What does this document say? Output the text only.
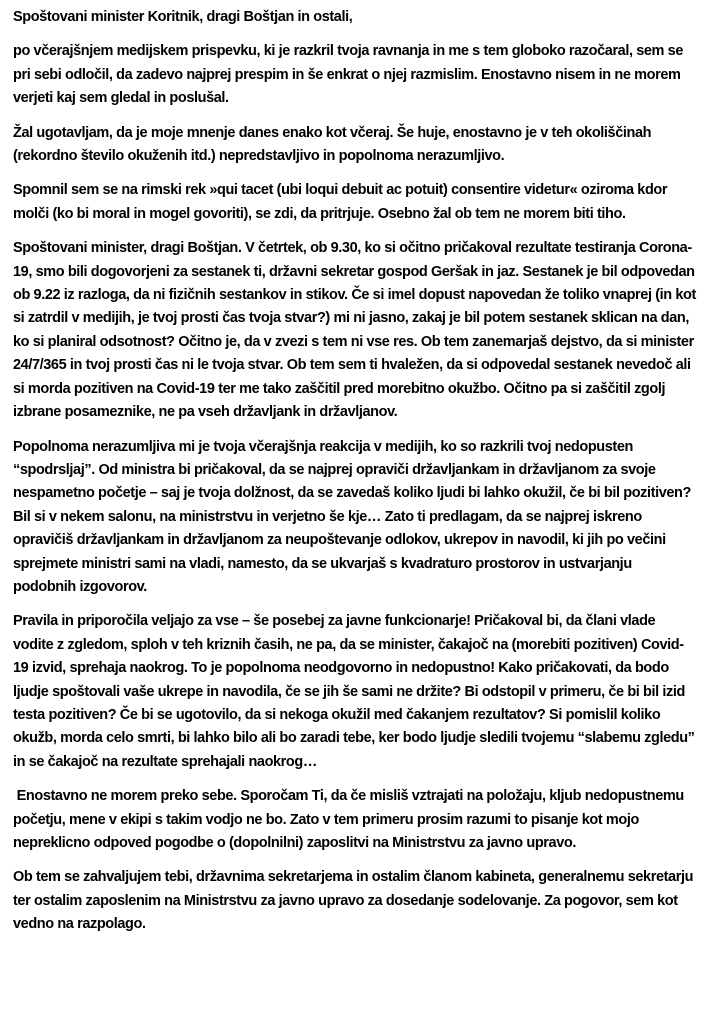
Spoštovani minister Koritnik, dragi Boštjan in ostali,

po včerajšnjem medijskem prispevku, ki je razkril tvoja ravnanja in me s tem globoko razočaral, sem se pri sebi odločil, da zadevo najprej prespim in še enkrat o njej razmislim. Enostavno nisem in ne morem verjeti kaj sem gledal in poslušal.

Žal ugotavljam, da je moje mnenje danes enako kot včeraj. Še huje, enostavno je v teh okoliščinah (rekordno število okuženih itd.) nepredstavljivo in popolnoma nerazumljivo.

Spomnil sem se na rimski rek »qui tacet (ubi loqui debuit ac potuit) consentire videtur« oziroma kdor molči (ko bi moral in mogel govoriti), se zdi, da pritrjuje. Osebno žal ob tem ne morem biti tiho.

Spoštovani minister, dragi Boštjan. V četrtek, ob 9.30, ko si očitno pričakoval rezultate testiranja Corona-19, smo bili dogovorjeni za sestanek ti, državni sekretar gospod Geršak in jaz. Sestanek je bil odpovedan ob 9.22 iz razloga, da ni fizičnih sestankov in stikov. Če si imel dopust napovedan že toliko vnaprej (in kot si zatrdil v medijih, je tvoj prosti čas tvoja stvar?) mi ni jasno, zakaj je bil potem sestanek sklican na dan, ko si planiral odsotnost? Očitno je, da v zvezi s tem ni vse res. Ob tem zanemarjaš dejstvo, da si minister 24/7/365 in tvoj prosti čas ni le tvoja stvar. Ob tem sem ti hvaležen, da si odpovedal sestanek nevedoč ali si morda pozitiven na Covid-19 ter me tako zaščitil pred morebitno okužbo. Očitno pa si zaščitil zgolj izbrane posameznike, ne pa vseh državljank in državljanov.

Popolnoma nerazumljiva mi je tvoja včerajšnja reakcija v medijih, ko so razkrili tvoj nedopusten “spodrsljaj”. Od ministra bi pričakoval, da se najprej opraviči državljankam in državljanom za svoje nespametno početje – saj je tvoja dolžnost, da se zavedaš koliko ljudi bi lahko okužil, če bi bil pozitiven? Bil si v nekem salonu, na ministrstvu in verjetno še kje… Zato ti predlagam, da se najprej iskreno opravičiš državljankam in državljanom za neupoštevanje odlokov, ukrepov in navodil, ki jih po večini sprejmete ministri sami na vladi, namesto, da se ukvarjaš s kvadraturo prostorov in ustvarjanju podobnih izgovorov.

Pravila in priporočila veljajo za vse – še posebej za javne funkcionarje! Pričakoval bi, da člani vlade vodite z zgledom, sploh v teh kriznih časih, ne pa, da se minister, čakajoč na (morebiti pozitiven) Covid-19 izvid, sprehaja naokrog. To je popolnoma neodgovorno in nedopustno! Kako pričakovati, da bodo ljudje spoštovali vaše ukrepe in navodila, če se jih še sami ne držite? Bi odstopil v primeru, če bi bil izid testa pozitiven? Če bi se ugotovilo, da si nekoga okužil med čakanjem rezultatov? Si pomislil koliko okužb, morda celo smrti, bi lahko bilo ali bo zaradi tebe, ker bodo ljudje sledili tvojemu “slabemu zgledu” in se čakajoč na rezultate sprehajali naokrog…

Enostavno ne morem preko sebe. Sporočam Ti, da če misliš vztrajati na položaju, kljub nedopustnemu početju, mene v ekipi s takim vodjo ne bo. Zato v tem primeru prosim razumi to pisanje kot mojo nepreklicno odpoved pogodbe o (dopolnilni) zaposlitvi na Ministrstvu za javno upravo.

Ob tem se zahvaljujem tebi, državnima sekretarjema in ostalim članom kabineta, generalnemu sekretarju ter ostalim zaposlenim na Ministrstvu za javno upravo za dosedanje sodelovanje. Za pogovor, sem kot vedno na razpolago.
